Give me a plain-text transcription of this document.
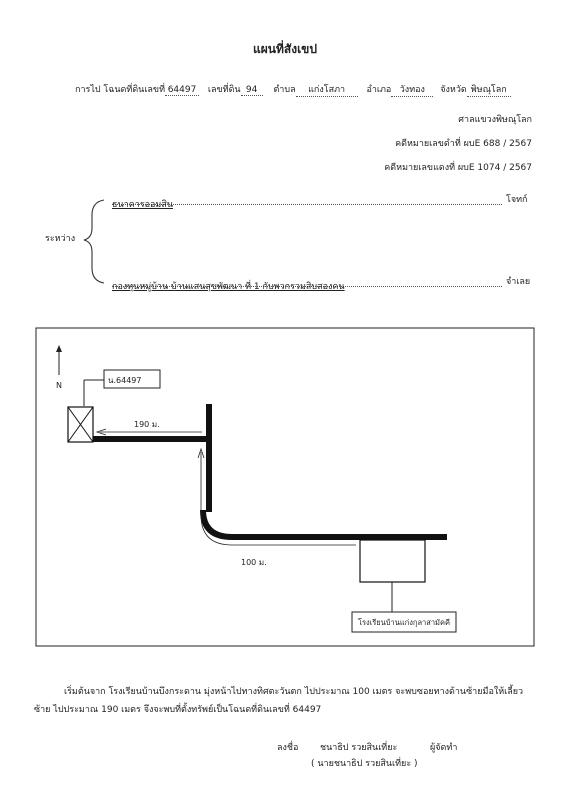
แผนที่สังเขป
การไป โฉนดที่ดินเลขที่ 64497 เลขที่ดิน 94 ตำบล แก่งโสภา อำเภอ วังทอง จังหวัด พิษณุโลก
ศาลแขวงพิษณุโลก
คดีหมายเลขดำที่ ผบE 688 / 2567
คดีหมายเลขแดงที่ ผบE 1074 / 2567
ระหว่าง
ธนาคารออมสิน	โจทก์
กองทุนหมู่บ้าน บ้านแสนสุขพัฒนา ที่ 1 กับพวกรวมสิบสองคน	จำเลย
N
น.64497
190 ม.
100 ม.
โรงเรียนบ้านแก่งกุลาสามัคคี
เริ่มต้นจาก โรงเรียนบ้านบึงกระดาน มุ่งหน้าไปทางทิศตะวันตก ไปประมาณ 100 เมตร จะพบซอยทางด้านซ้ายมือให้เลี้ยวซ้าย ไปประมาณ 190 เมตร จึงจะพบที่ตั้งทรัพย์เป็นโฉนดที่ดินเลขที่ 64497
ลงชื่อ ชนาธิป รวยสินเที่ยะ	ผู้จัดทำ
( นายชนาธิป รวยสินเที่ยะ )
